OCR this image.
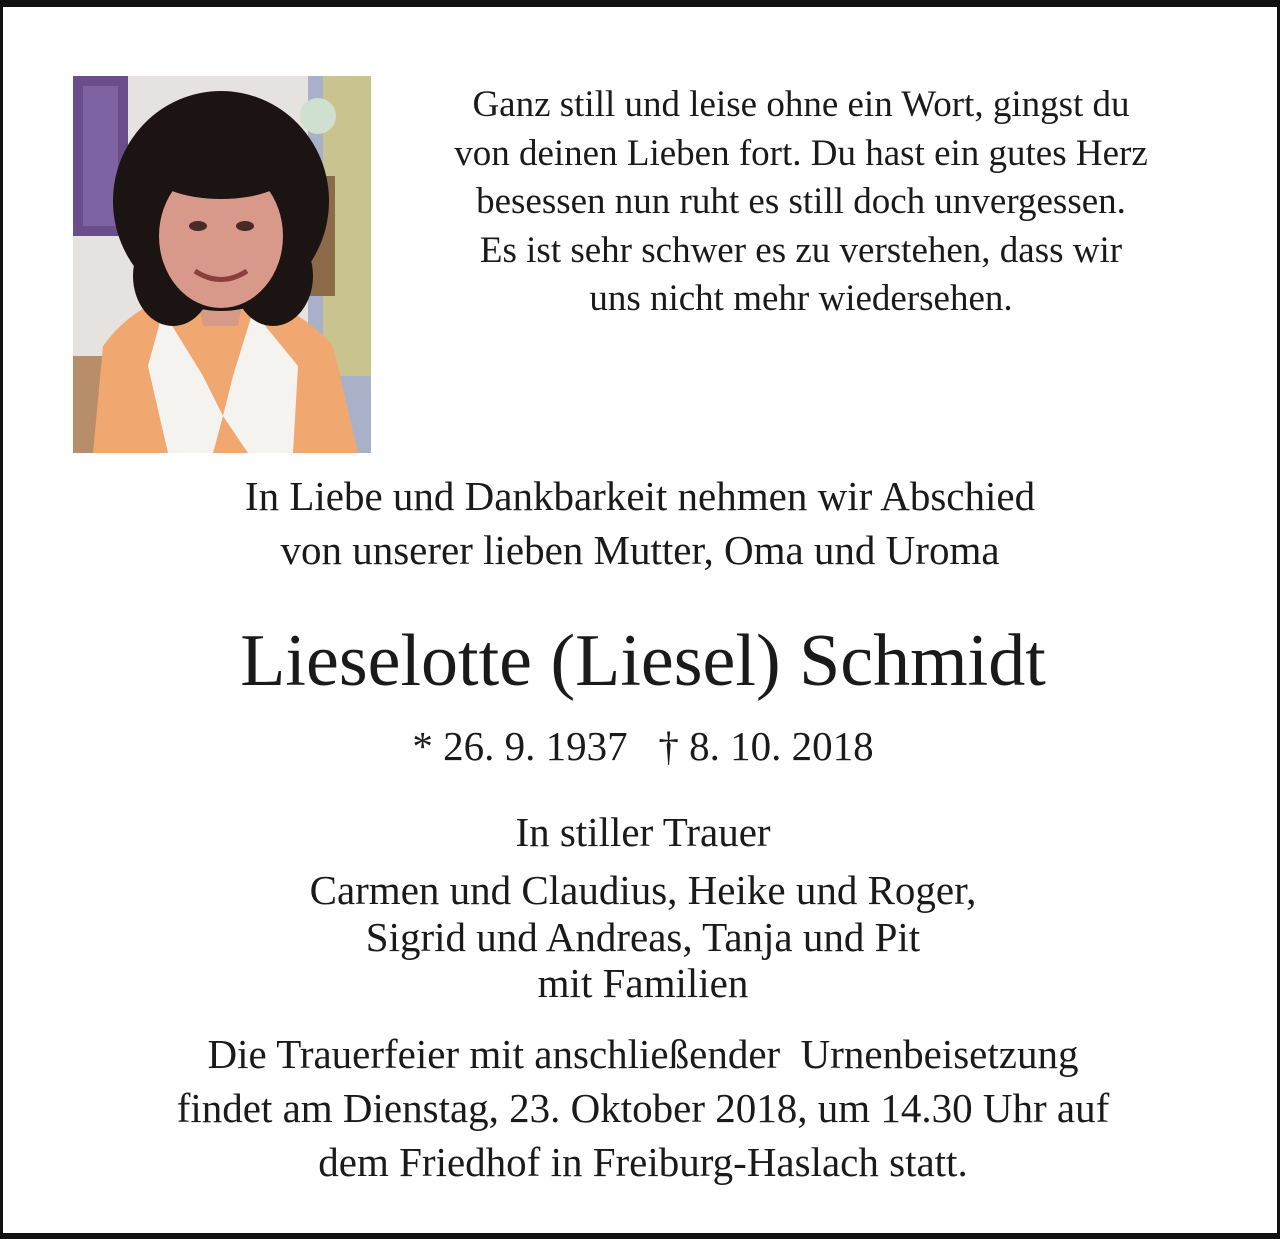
Ganz still und leise ohne ein Wort, gingst du
von deinen Lieben fort. Du hast ein gutes Herz
besessen nun ruht es still doch unvergessen.
Es ist sehr schwer es zu verstehen, dass wir
uns nicht mehr wiedersehen.
In Liebe und Dankbarkeit nehmen wir Abschied
von unserer lieben Mutter, Oma und Uroma
Lieselotte (Liesel) Schmidt
* 26. 9. 1937   † 8. 10. 2018
In stiller Trauer
Carmen und Claudius, Heike und Roger,
Sigrid und Andreas, Tanja und Pit
mit Familien
Die Trauerfeier mit anschließender  Urnenbeisetzung
findet am Dienstag, 23. Oktober 2018, um 14.30 Uhr auf
dem Friedhof in Freiburg-Haslach statt.
